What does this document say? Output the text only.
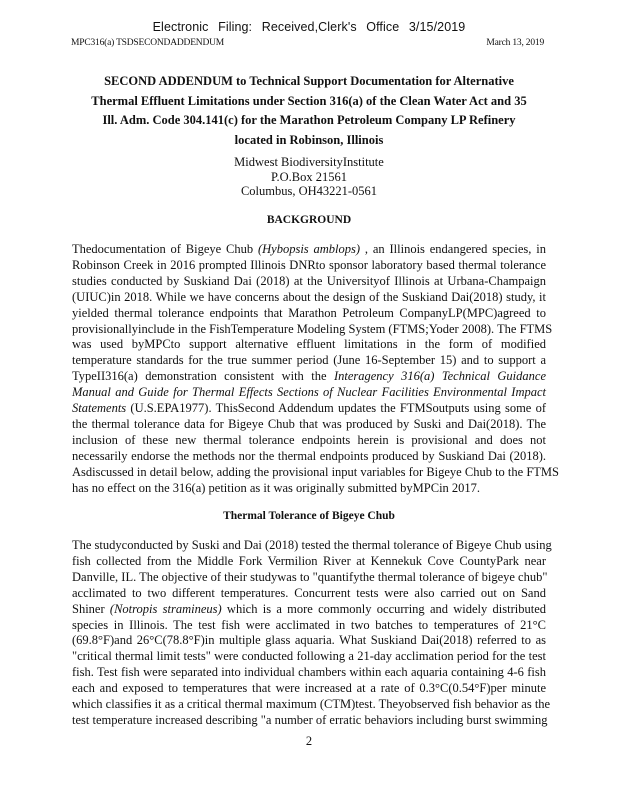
Electronic Filing: Received,Clerk's Office 3/15/2019
MPC316(a) TSDSECONDADDENDUM	March 13, 2019
SECOND ADDENDUM to Technical Support Documentation for Alternative
Thermal Effluent Limitations under Section 316(a) of the Clean Water Act and 35
Ill. Adm. Code 304.141(c) for the Marathon Petroleum Company LP Refinery
located in Robinson, Illinois
Midwest BiodiversityInstitute
P.O.Box 21561
Columbus, OH43221-0561
BACKGROUND
Thedocumentation of Bigeye Chub (Hybopsis amblops) , an Illinois endangered species, in
Robinson Creek in 2016 prompted Illinois DNRto sponsor laboratory based thermal tolerance
studies conducted by Suskiand Dai (2018) at the Universityof Illinois at Urbana-Champaign
(UIUC)in 2018. While we have concerns about the design of the Suskiand Dai(2018) study, it
yielded thermal tolerance endpoints that Marathon Petroleum CompanyLP(MPC)agreed to
provisionallyinclude in the FishTemperature Modeling System (FTMS;Yoder 2008). The FTMS
was used byMPCto support alternative effluent limitations in the form of modified
temperature standards for the true summer period (June 16-September 15) and to support a
TypeII316(a) demonstration consistent with the Interagency 316(a) Technical Guidance
Manual and Guide for Thermal Effects Sections of Nuclear Facilities Environmental Impact
Statements (U.S.EPA1977). ThisSecond Addendum updates the FTMSoutputs using some of
the thermal tolerance data for Bigeye Chub that was produced by Suski and Dai(2018). The
inclusion of these new thermal tolerance endpoints herein is provisional and does not
necessarily endorse the methods nor the thermal endpoints produced by Suskiand Dai (2018).
Asdiscussed in detail below, adding the provisional input variables for Bigeye Chub to the FTMS
has no effect on the 316(a) petition as it was originally submitted byMPCin 2017.
Thermal Tolerance of Bigeye Chub
The studyconducted by Suski and Dai (2018) tested the thermal tolerance of Bigeye Chub using
fish collected from the Middle Fork Vermilion River at Kennekuk Cove CountyPark near
Danville, IL. The objective of their studywas to "quantifythe thermal tolerance of bigeye chub"
acclimated to two different temperatures. Concurrent tests were also carried out on Sand
Shiner (Notropis stramineus) which is a more commonly occurring and widely distributed
species in Illinois. The test fish were acclimated in two batches to temperatures of 21°C
(69.8°F)and 26°C(78.8°F)in multiple glass aquaria. What Suskiand Dai(2018) referred to as
"critical thermal limit tests" were conducted following a 21-day acclimation period for the test
fish. Test fish were separated into individual chambers within each aquaria containing 4-6 fish
each and exposed to temperatures that were increased at a rate of 0.3°C(0.54°F)per minute
which classifies it as a critical thermal maximum (CTM)test. Theyobserved fish behavior as the
test temperature increased describing "a number of erratic behaviors including burst swimming
2
